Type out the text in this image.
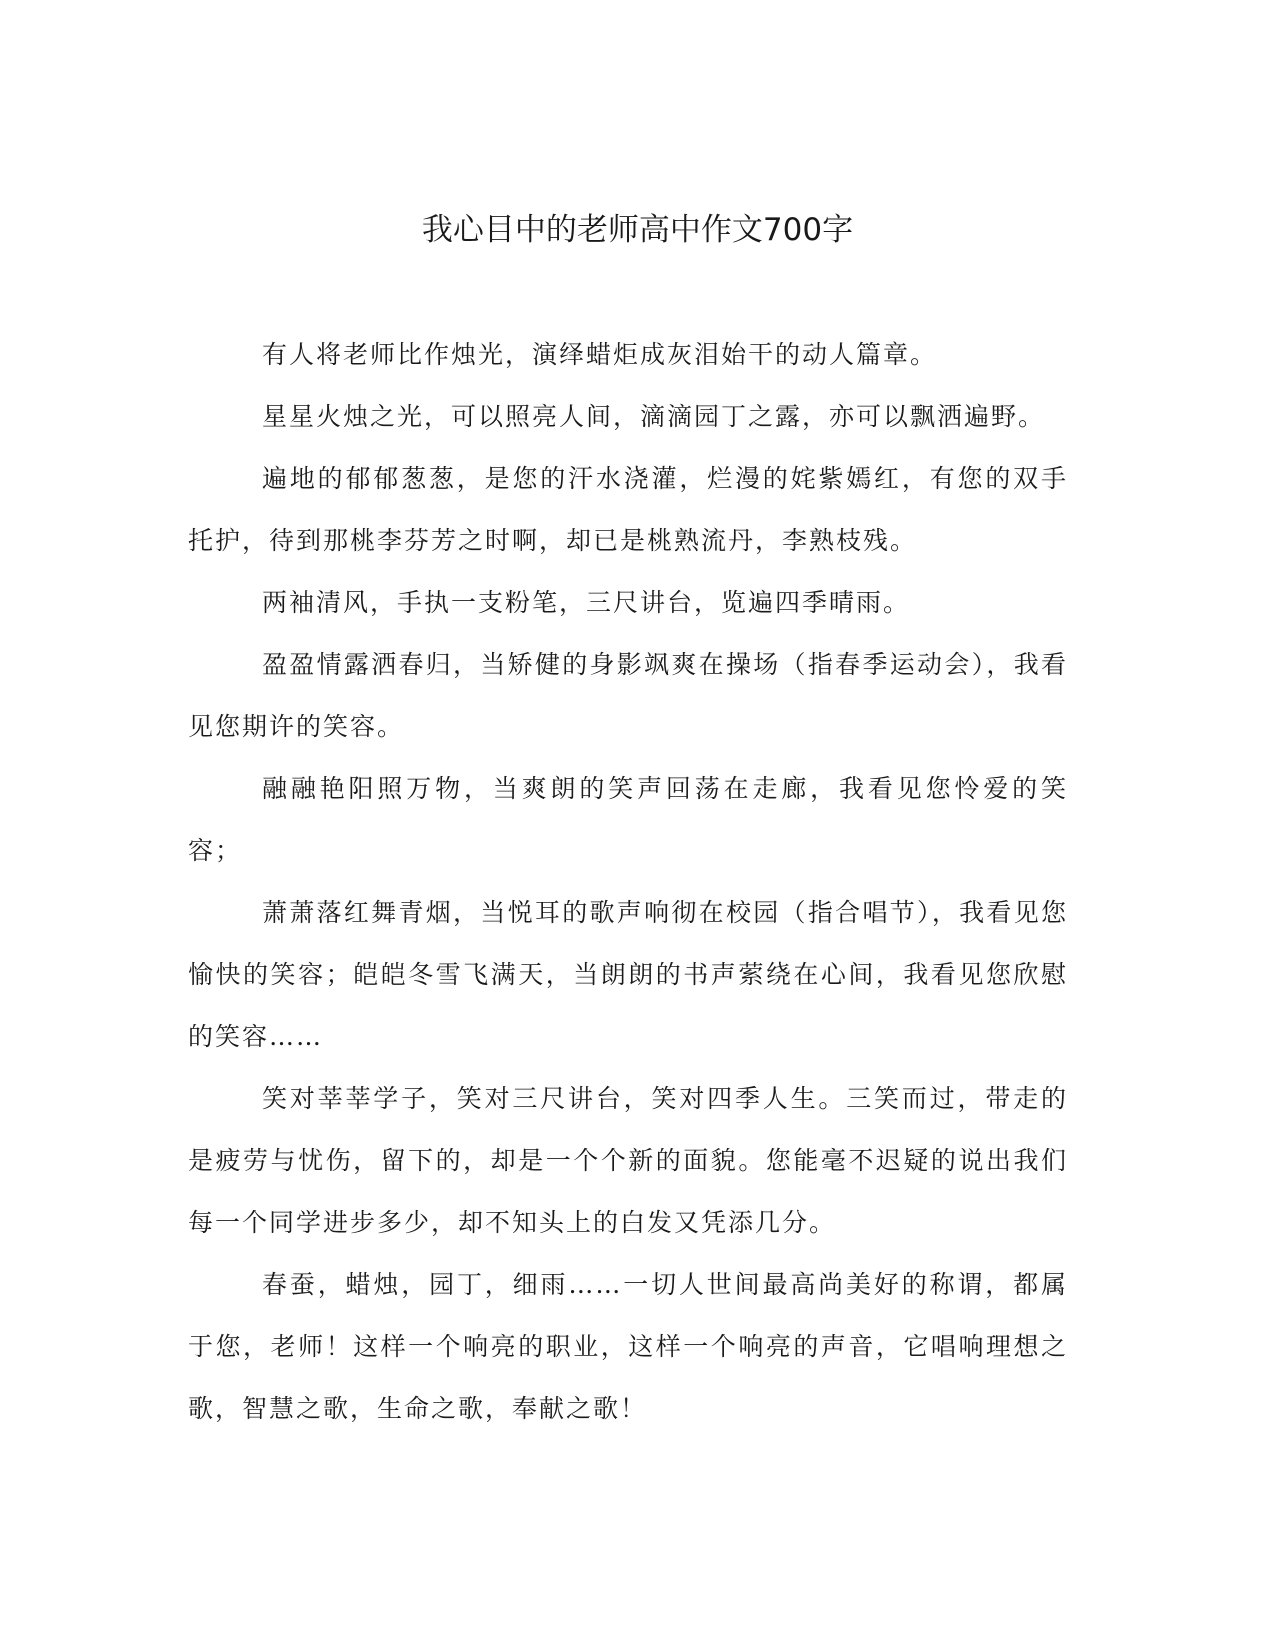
我心目中的老师高中作文700字

有人将老师比作烛光，演绎蜡炬成灰泪始干的动人篇章。

星星火烛之光，可以照亮人间，滴滴园丁之露，亦可以飘洒遍野。

遍地的郁郁葱葱，是您的汗水浇灌，烂漫的姹紫嫣红，有您的双手托护，待到那桃李芬芳之时啊，却已是桃熟流丹，李熟枝残。

两袖清风，手执一支粉笔，三尺讲台，览遍四季晴雨。

盈盈情露洒春归，当矫健的身影飒爽在操场（指春季运动会），我看见您期许的笑容。

融融艳阳照万物，当爽朗的笑声回荡在走廊，我看见您怜爱的笑容；

萧萧落红舞青烟，当悦耳的歌声响彻在校园（指合唱节），我看见您愉快的笑容；皑皑冬雪飞满天，当朗朗的书声萦绕在心间，我看见您欣慰的笑容……

笑对莘莘学子，笑对三尺讲台，笑对四季人生。三笑而过，带走的是疲劳与忧伤，留下的，却是一个个新的面貌。您能毫不迟疑的说出我们每一个同学进步多少，却不知头上的白发又凭添几分。

春蚕，蜡烛，园丁，细雨……一切人世间最高尚美好的称谓，都属于您，老师！这样一个响亮的职业，这样一个响亮的声音，它唱响理想之歌，智慧之歌，生命之歌，奉献之歌！
